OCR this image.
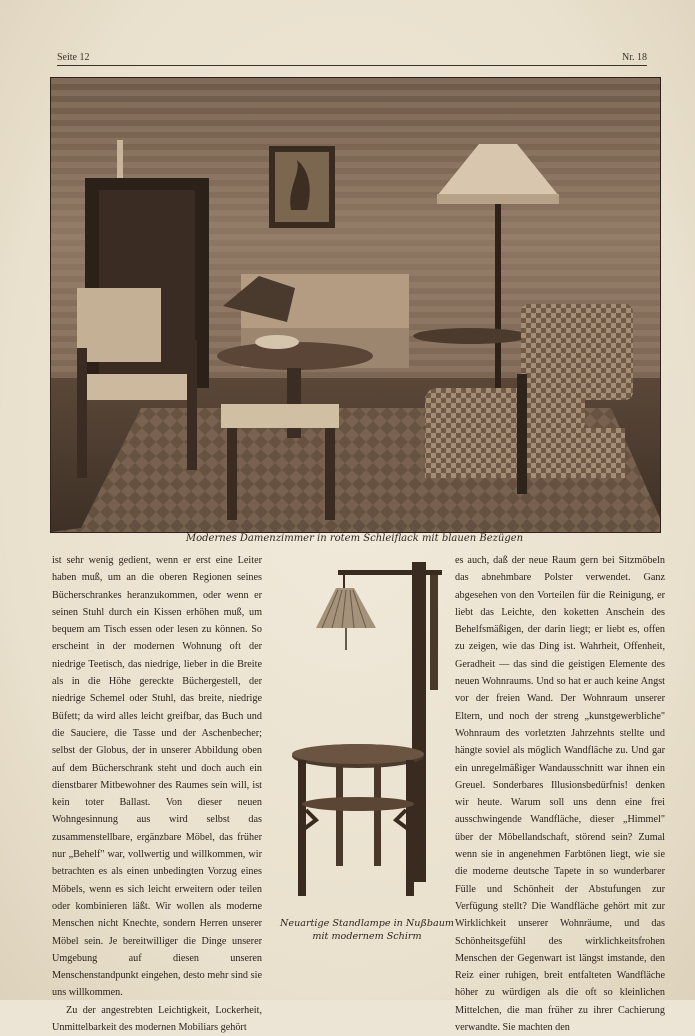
Seite 12	Nr. 18
Modernes Damenzimmer in rotem Schleiflack mit blauen Bezügen

ist sehr wenig gedient, wenn er erst eine Leiter haben muß, um an die oberen Regionen seines Bücherschrankes heranzukommen, oder wenn er seinen Stuhl durch ein Kissen erhöhen muß, um bequem am Tisch essen oder lesen zu können. So erscheint in der modernen Wohnung oft der niedrige Teetisch, das niedrige, lieber in die Breite als in die Höhe gereckte Büchergestell, der niedrige Schemel oder Stuhl, das breite, niedrige Büfett; da wird alles leicht greifbar, das Buch und die Sauciere, die Tasse und der Aschenbecher; selbst der Globus, der in unserer Abbildung oben auf dem Bücherschrank steht und doch auch ein dienstbarer Mitbewohner des Raumes sein will, ist kein toter Ballast. Von dieser neuen Wohngesinnung aus wird selbst das zusammenstellbare, ergänzbare Möbel, das früher nur „Behelf" war, vollwertig und willkommen, wir betrachten es als einen unbedingten Vorzug eines Möbels, wenn es sich leicht erweitern oder teilen oder kombinieren läßt. Wir wollen als moderne Menschen nicht Knechte, sondern Herren unserer Möbel sein. Je bereitwilliger die Dinge unserer Umgebung auf diesen unseren Menschenstandpunkt eingehen, desto mehr sind sie uns willkommen.

Zu der angestrebten Leichtigkeit, Lockerheit, Unmittelbarkeit des modernen Mobiliars gehört

Neuartige Standlampe in Nußbaum
mit modernem Schirm

es auch, daß der neue Raum gern bei Sitzmöbeln das abnehmbare Polster verwendet. Ganz abgesehen von den Vorteilen für die Reinigung, er liebt das Leichte, den koketten Anschein des Behelfsmäßigen, der darin liegt; er liebt es, offen zu zeigen, wie das Ding ist. Wahrheit, Offenheit, Geradheit — das sind die geistigen Elemente des neuen Wohnraums. Und so hat er auch keine Angst vor der freien Wand. Der Wohnraum unserer Eltern, und noch der streng „kunstgewerbliche" Wohnraum des vorletzten Jahrzehnts stellte und hängte soviel als möglich Wandfläche zu. Und gar ein unregelmäßiger Wandausschnitt war ihnen ein Greuel. Sonderbares Illusionsbedürfnis! denken wir heute. Warum soll uns denn eine frei ausschwingende Wandfläche, dieser „Himmel" über der Möbellandschaft, störend sein? Zumal wenn sie in angenehmen Farbtönen liegt, wie sie die moderne deutsche Tapete in so wunderbarer Fülle und Schönheit der Abstufungen zur Verfügung stellt? Die Wandfläche gehört mit zur Wirklichkeit unserer Wohnräume, und das Schönheitsgefühl des wirklichkeitsfrohen Menschen der Gegenwart ist längst imstande, den Reiz einer ruhigen, breit entfalteten Wandfläche höher zu würdigen als die oft so kleinlichen Mittelchen, die man früher zu ihrer Cachierung verwandte. Sie machten den
